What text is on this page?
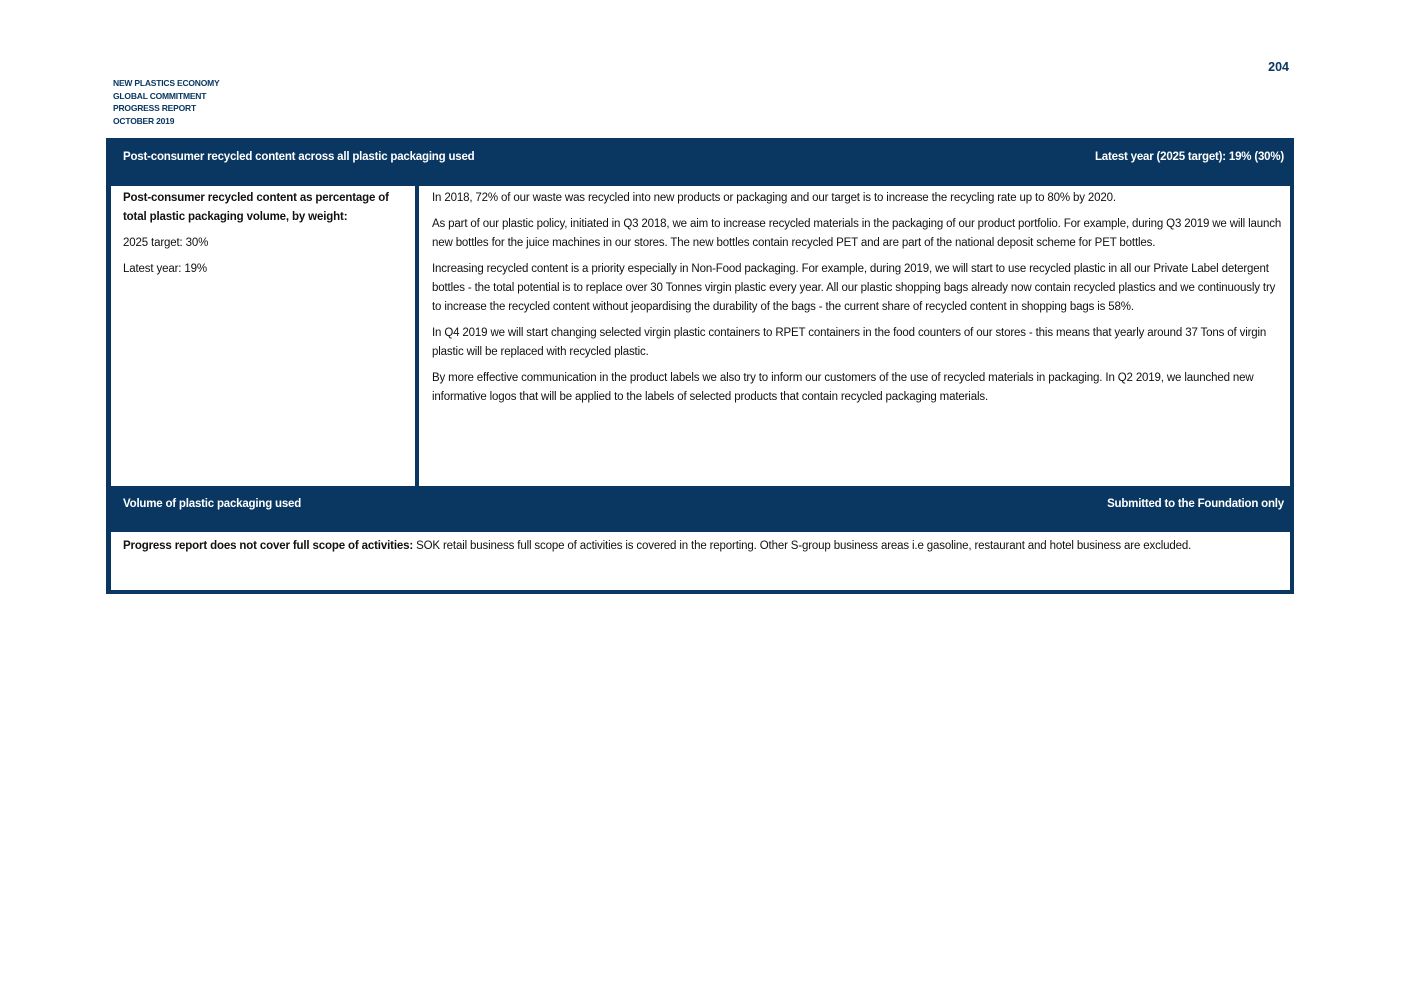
NEW PLASTICS ECONOMY
GLOBAL COMMITMENT
PROGRESS REPORT
OCTOBER 2019
204
Post-consumer recycled content across all plastic packaging used	Latest year (2025 target): 19% (30%)

Post-consumer recycled content as percentage of total plastic packaging volume, by weight:

2025 target: 30%

Latest year: 19%

In 2018, 72% of our waste was recycled into new products or packaging and our target is to increase the recycling rate up to 80% by 2020.

As part of our plastic policy, initiated in Q3 2018, we aim to increase recycled materials in the packaging of our product portfolio. For example, during Q3 2019 we will launch new bottles for the juice machines in our stores. The new bottles contain recycled PET and are part of the national deposit scheme for PET bottles.

Increasing recycled content is a priority especially in Non-Food packaging. For example, during 2019, we will start to use recycled plastic in all our Private Label detergent bottles - the total potential is to replace over 30 Tonnes virgin plastic every year. All our plastic shopping bags already now contain recycled plastics and we continuously try to increase the recycled content without jeopardising the durability of the bags - the current share of recycled content in shopping bags is 58%.

In Q4 2019 we will start changing selected virgin plastic containers to RPET containers in the food counters of our stores - this means that yearly around 37 Tons of virgin plastic will be replaced with recycled plastic.

By more effective communication in the product labels we also try to inform our customers of the use of recycled materials in packaging. In Q2 2019, we launched new informative logos that will be applied to the labels of selected products that contain recycled packaging materials.

Volume of plastic packaging used	Submitted to the Foundation only
Progress report does not cover full scope of activities: SOK retail business full scope of activities is covered in the reporting. Other S-group business areas i.e gasoline, restaurant and hotel business are excluded.
